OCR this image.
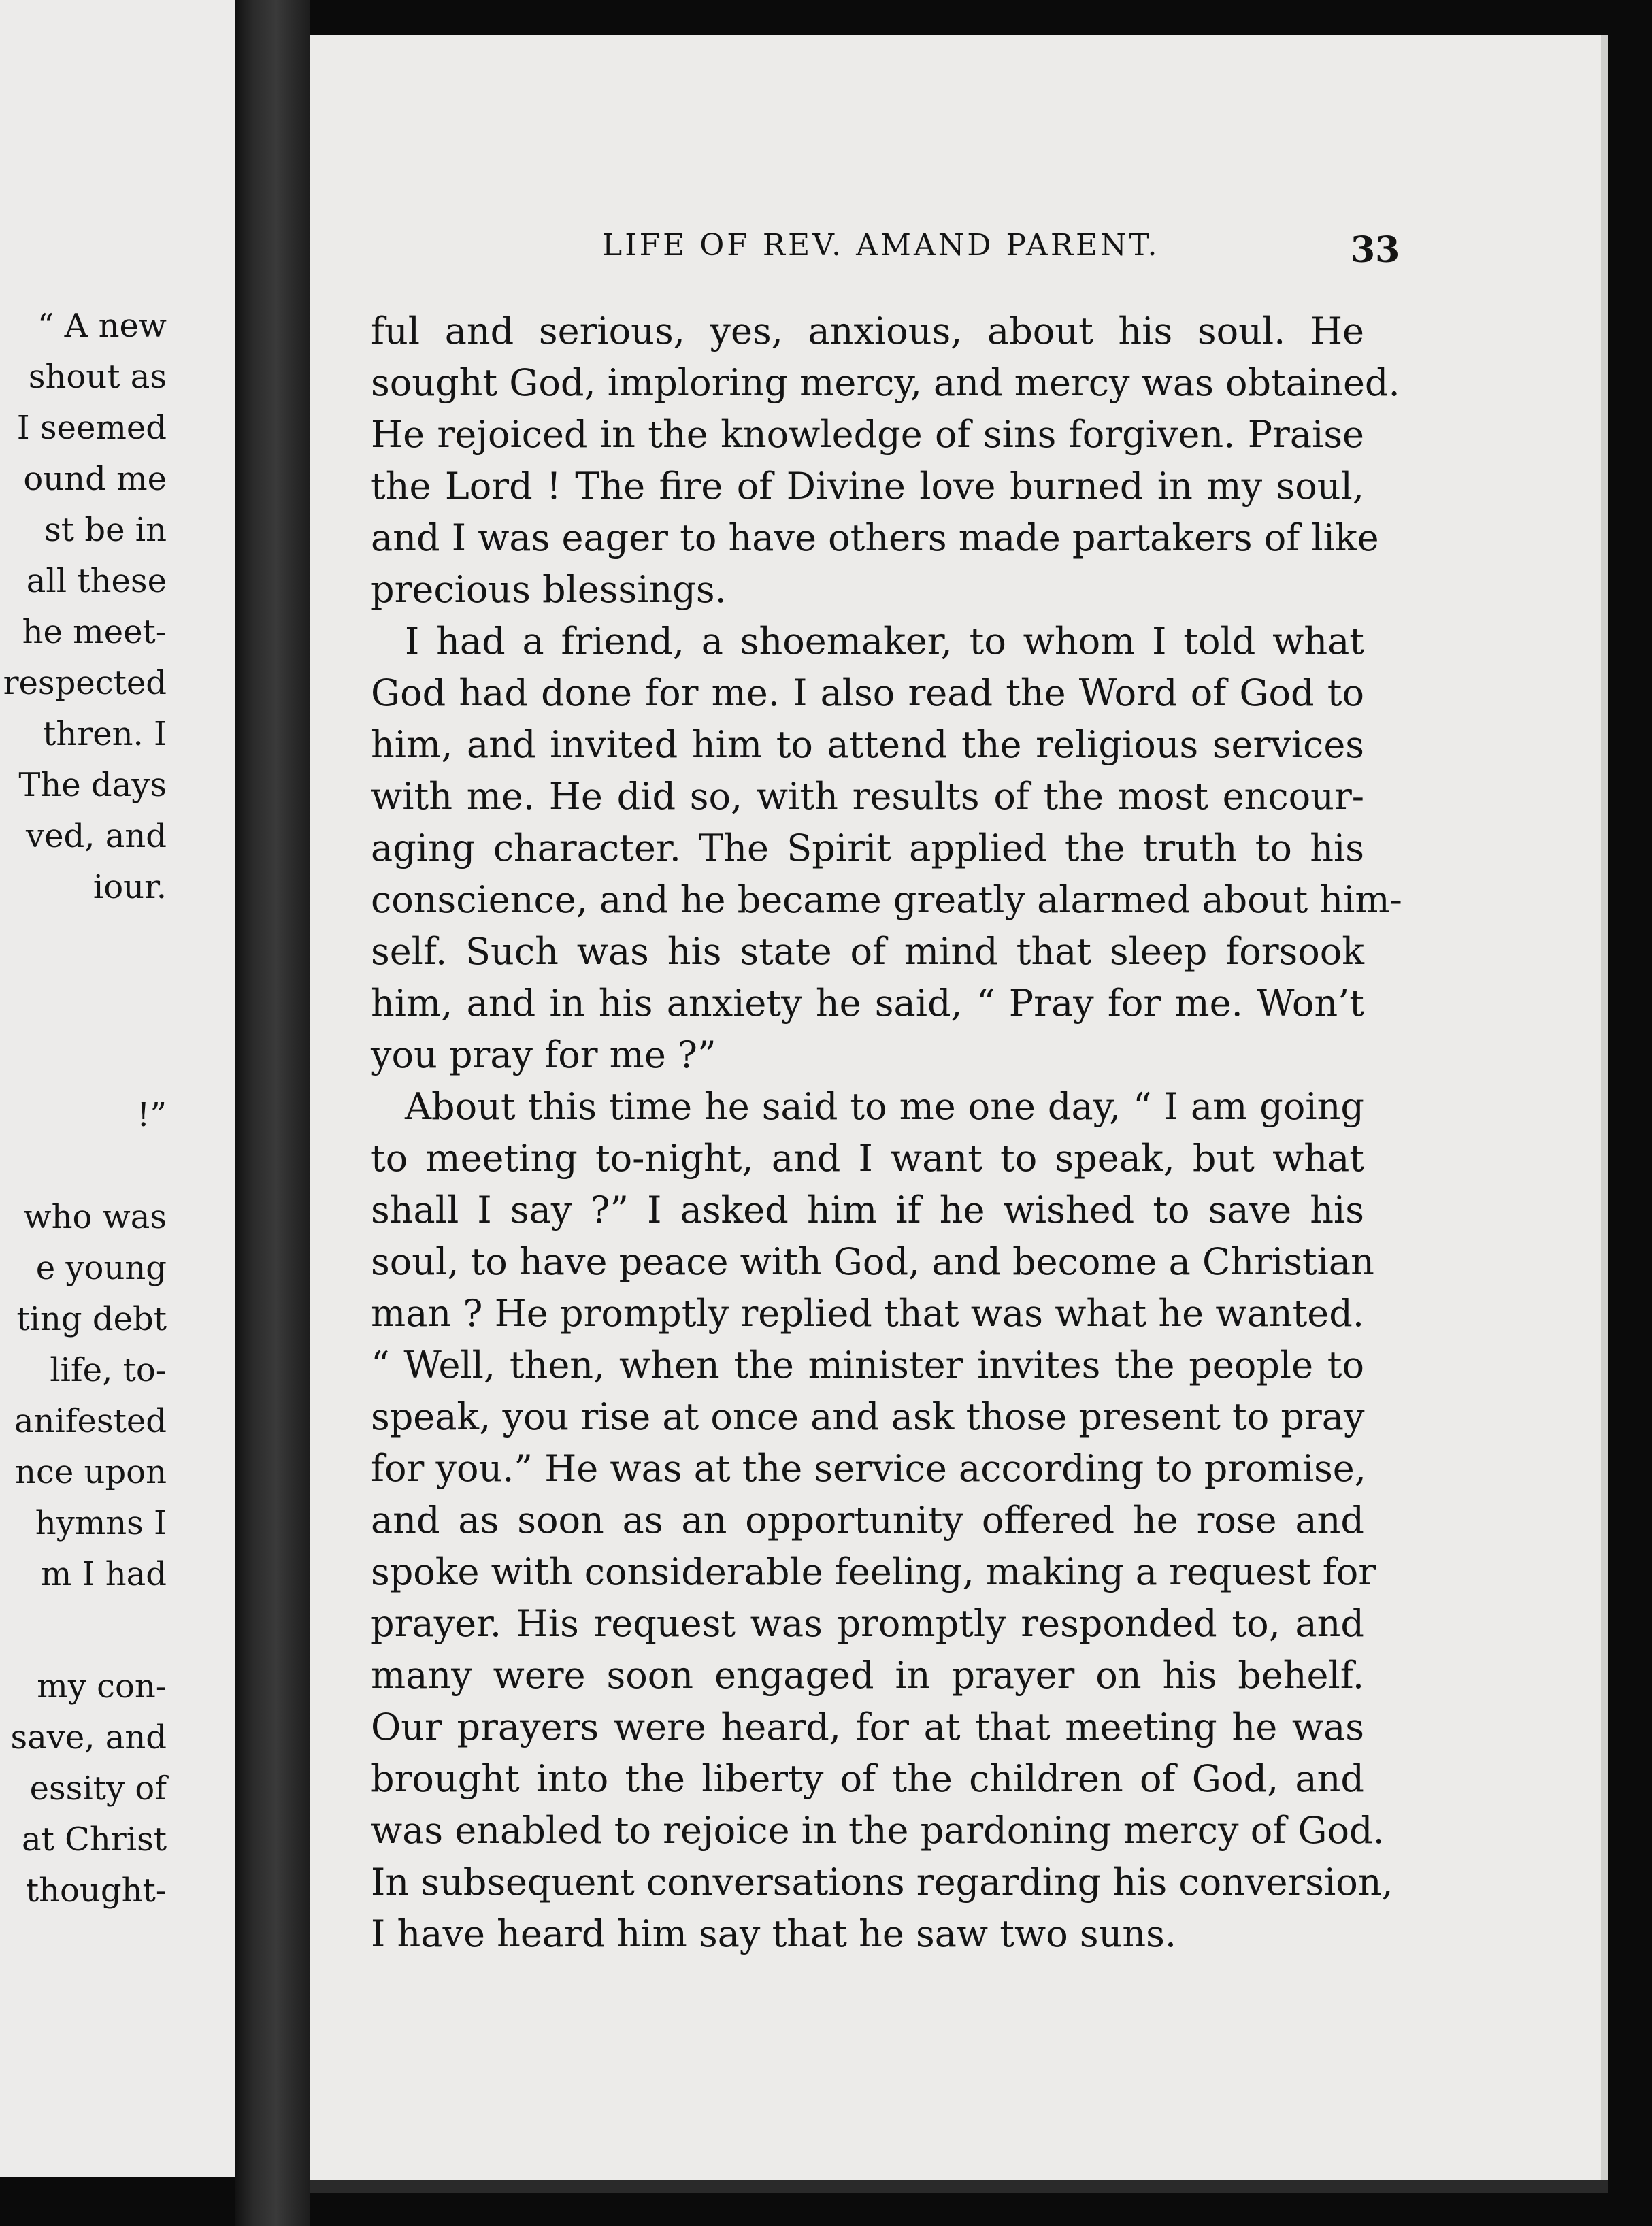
“ A new
shout as
I seemed
ound me
st be in
all these
he meet-
respected
thren. I
The days
ved, and
iour.
!”
who was
e young
ting debt
life, to-
anifested
nce upon
hymns I
m I had
my con-
save, and
essity of
at Christ
thought-
LIFE OF REV. AMAND PARENT.	33
ful and serious, yes, anxious, about his soul. He
sought God, imploring mercy, and mercy was obtained.
He rejoiced in the knowledge of sins forgiven. Praise
the Lord ! The fire of Divine love burned in my soul,
and I was eager to have others made partakers of like
precious blessings.
I had a friend, a shoemaker, to whom I told what
God had done for me. I also read the Word of God to
him, and invited him to attend the religious services
with me. He did so, with results of the most encour-
aging character. The Spirit applied the truth to his
conscience, and he became greatly alarmed about him-
self. Such was his state of mind that sleep forsook
him, and in his anxiety he said, “ Pray for me. Won’t
you pray for me ?”
About this time he said to me one day, “ I am going
to meeting to-night, and I want to speak, but what
shall I say ?” I asked him if he wished to save his
soul, to have peace with God, and become a Christian
man ? He promptly replied that was what he wanted.
“ Well, then, when the minister invites the people to
speak, you rise at once and ask those present to pray
for you.” He was at the service according to promise,
and as soon as an opportunity offered he rose and
spoke with considerable feeling, making a request for
prayer. His request was promptly responded to, and
many were soon engaged in prayer on his behelf.
Our prayers were heard, for at that meeting he was
brought into the liberty of the children of God, and
was enabled to rejoice in the pardoning mercy of God.
In subsequent conversations regarding his conversion,
I have heard him say that he saw two suns.
